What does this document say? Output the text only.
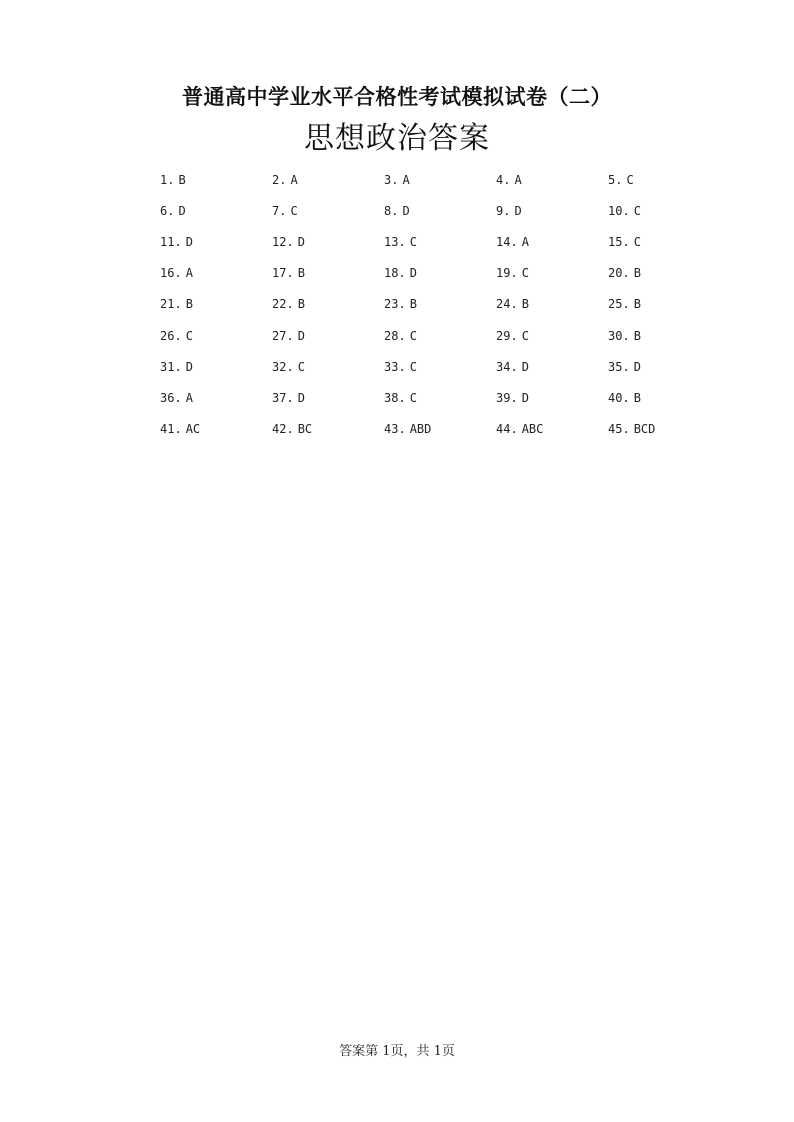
普通高中学业水平合格性考试模拟试卷（二）
思想政治答案
1. B	2. A	3. A	4. A	5. C
6. D	7. C	8. D	9. D	10. C
11. D	12. D	13. C	14. A	15. C
16. A	17. B	18. D	19. C	20. B
21. B	22. B	23. B	24. B	25. B
26. C	27. D	28. C	29. C	30. B
31. D	32. C	33. C	34. D	35. D
36. A	37. D	38. C	39. D	40. B
41. AC	42. BC	43. ABD	44. ABC	45. BCD
答案第 1页，共 1页
